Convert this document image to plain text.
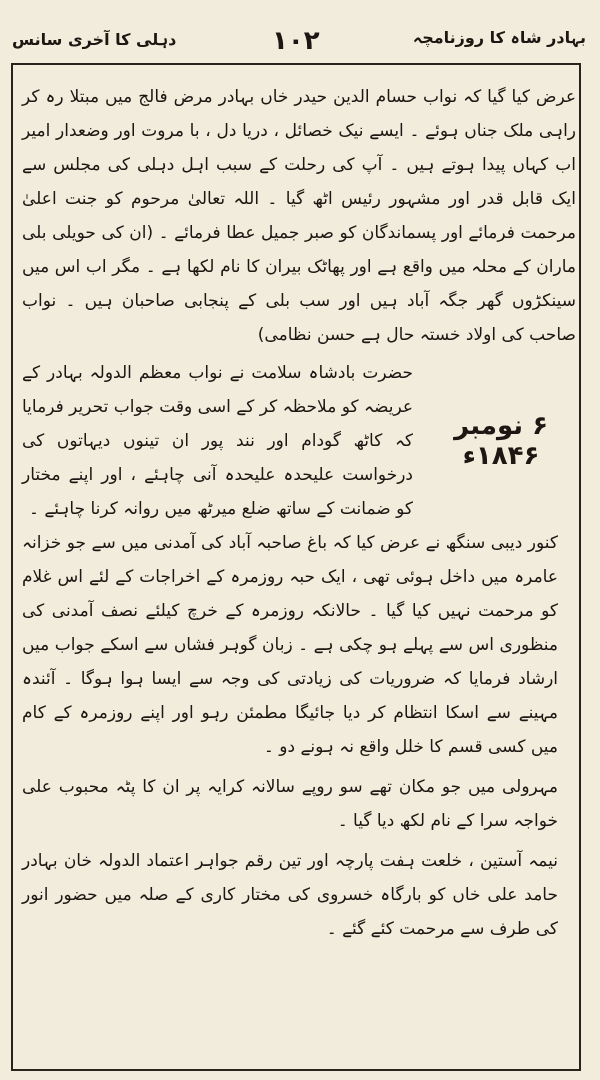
بہادر شاہ کا روزنامچہ
۱۰۲
دہلی کا آخری سانس

عرض کیا گیا کہ نواب حسام الدین حیدر خاں بہادر مرض فالج میں مبتلا رہ کر راہی ملک جناں ہوئے ۔ ایسے نیک خصائل ، دریا دل ، با مروت اور وضعدار امیر اب کہاں پیدا ہوتے ہیں ۔ آپ کی رحلت کے سبب اہل دہلی کی مجلس سے ایک قابل قدر اور مشہور رئیس اٹھ گیا ۔ اللہ تعالیٰ مرحوم کو جنت اعلیٰ مرحمت فرمائے اور پسماندگان کو صبر جمیل عطا فرمائے ۔ (ان کی حویلی بلی ماران کے محلہ میں واقع ہے اور پھاٹک بیران کا نام لکھا ہے ۔ مگر اب اس میں سینکڑوں گھر جگہ آباد ہیں اور سب بلی کے پنجابی صاحبان ہیں ۔ نواب صاحب کی اولاد خستہ حال ہے حسن نظامی)

۶ نومبر ۱۸۴۶ء
حضرت بادشاہ سلامت نے نواب معظم الدولہ بہادر کے عریضہ کو ملاحظہ کر کے اسی وقت جواب تحریر فرمایا کہ کاٹھ گودام اور نند پور ان تینوں دیہاتوں کی درخواست علیحدہ علیحدہ آنی چاہئے ، اور اپنے مختار کو ضمانت کے ساتھ ضلع میرٹھ میں روانہ کرنا چاہئے ۔

کنور دیبی سنگھ نے عرض کیا کہ باغ صاحبہ آباد کی آمدنی میں سے جو خزانہ عامرہ میں داخل ہوئی تھی ، ایک حبہ روزمرہ کے اخراجات کے لئے اس غلام کو مرحمت نہیں کیا گیا ۔ حالانکہ روزمرہ کے خرچ کیلئے نصف آمدنی کی منظوری اس سے پہلے ہو چکی ہے ۔ زبان گوہر فشاں سے اسکے جواب میں ارشاد فرمایا کہ ضروریات کی زیادتی کی وجہ سے ایسا ہوا ہوگا ۔ آئندہ مہینے سے اسکا انتظام کر دیا جائیگا مطمئن رہو اور اپنے روزمرہ کے کام میں کسی قسم کا خلل واقع نہ ہونے دو ۔

مہرولی میں جو مکان تھے سو روپے سالانہ کرایہ پر ان کا پٹہ محبوب علی خواجہ سرا کے نام لکھ دیا گیا ۔

نیمہ آستین ، خلعت ہفت پارچہ اور تین رقم جواہر اعتماد الدولہ خان بہادر حامد علی خاں کو بارگاہ خسروی کی مختار کاری کے صلہ میں حضور انور کی طرف سے مرحمت کئے گئے ۔
